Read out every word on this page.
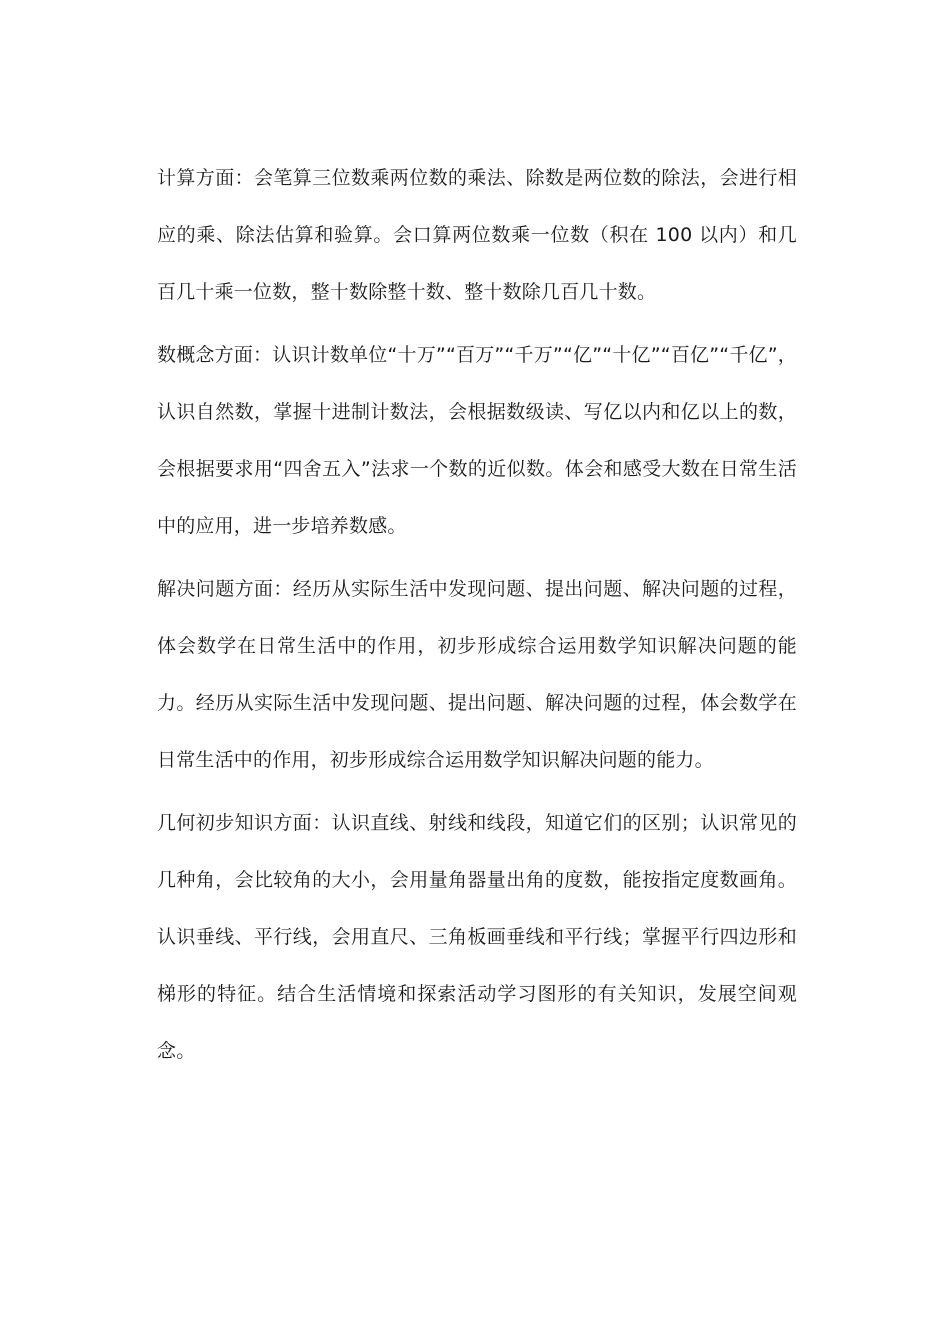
计算方面：会笔算三位数乘两位数的乘法、除数是两位数的除法，会进行相应的乘、除法估算和验算。会口算两位数乘一位数（积在 100 以内）和几百几十乘一位数，整十数除整十数、整十数除几百几十数。

数概念方面：认识计数单位“十万”“百万”“千万”“亿”“十亿”“百亿”“千亿”，认识自然数，掌握十进制计数法，会根据数级读、写亿以内和亿以上的数，会根据要求用“四舍五入”法求一个数的近似数。体会和感受大数在日常生活中的应用，进一步培养数感。

解决问题方面：经历从实际生活中发现问题、提出问题、解决问题的过程，体会数学在日常生活中的作用，初步形成综合运用数学知识解决问题的能力。经历从实际生活中发现问题、提出问题、解决问题的过程，体会数学在日常生活中的作用，初步形成综合运用数学知识解决问题的能力。

几何初步知识方面：认识直线、射线和线段，知道它们的区别；认识常见的几种角，会比较角的大小，会用量角器量出角的度数，能按指定度数画角。认识垂线、平行线，会用直尺、三角板画垂线和平行线；掌握平行四边形和梯形的特征。结合生活情境和探索活动学习图形的有关知识，发展空间观念。
